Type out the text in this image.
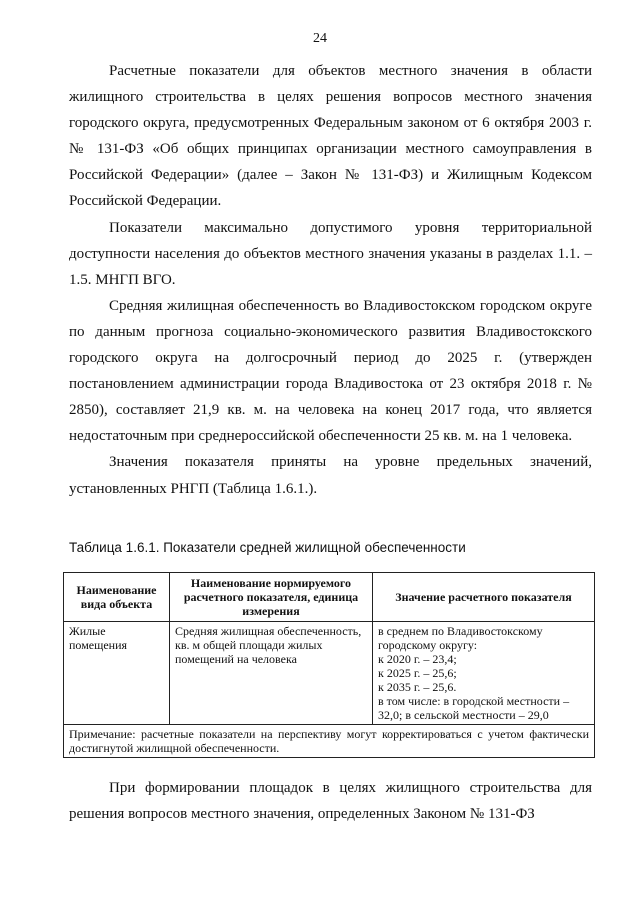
24

Расчетные показатели для объектов местного значения в области жилищного строительства в целях решения вопросов местного значения городского округа, предусмотренных Федеральным законом от 6 октября 2003 г. № 131-ФЗ «Об общих принципах организации местного самоуправления в Российской Федерации» (далее – Закон № 131-ФЗ) и Жилищным Кодексом Российской Федерации.

Показатели максимально допустимого уровня территориальной доступности населения до объектов местного значения указаны в разделах 1.1. – 1.5. МНГП ВГО.

Средняя жилищная обеспеченность во Владивостокском городском округе по данным прогноза социально-экономического развития Владивостокского городского округа на долгосрочный период до 2025 г. (утвержден постановлением администрации города Владивостока от 23 октября 2018 г. № 2850), составляет 21,9 кв. м. на человека на конец 2017 года, что является недостаточным при среднероссийской обеспеченности 25 кв. м. на 1 человека.

Значения показателя приняты на уровне предельных значений, установленных РНГП (Таблица 1.6.1.).

Таблица 1.6.1. Показатели средней жилищной обеспеченности
Наименование вида объекта	Наименование нормируемого расчетного показателя, единица измерения	Значение расчетного показателя
Жилые помещения	Средняя жилищная обеспеченность, кв. м общей площади жилых помещений на человека	в среднем по Владивостокскому городскому округу:
к 2020 г. – 23,4;
к 2025 г. – 25,6;
к 2035 г. – 25,6.
в том числе: в городской местности – 32,0; в сельской местности – 29,0

Примечание: расчетные показатели на перспективу могут корректироваться с учетом фактически достигнутой жилищной обеспеченности.		

При формировании площадок в целях жилищного строительства для решения вопросов местного значения, определенных Законом № 131-ФЗ
